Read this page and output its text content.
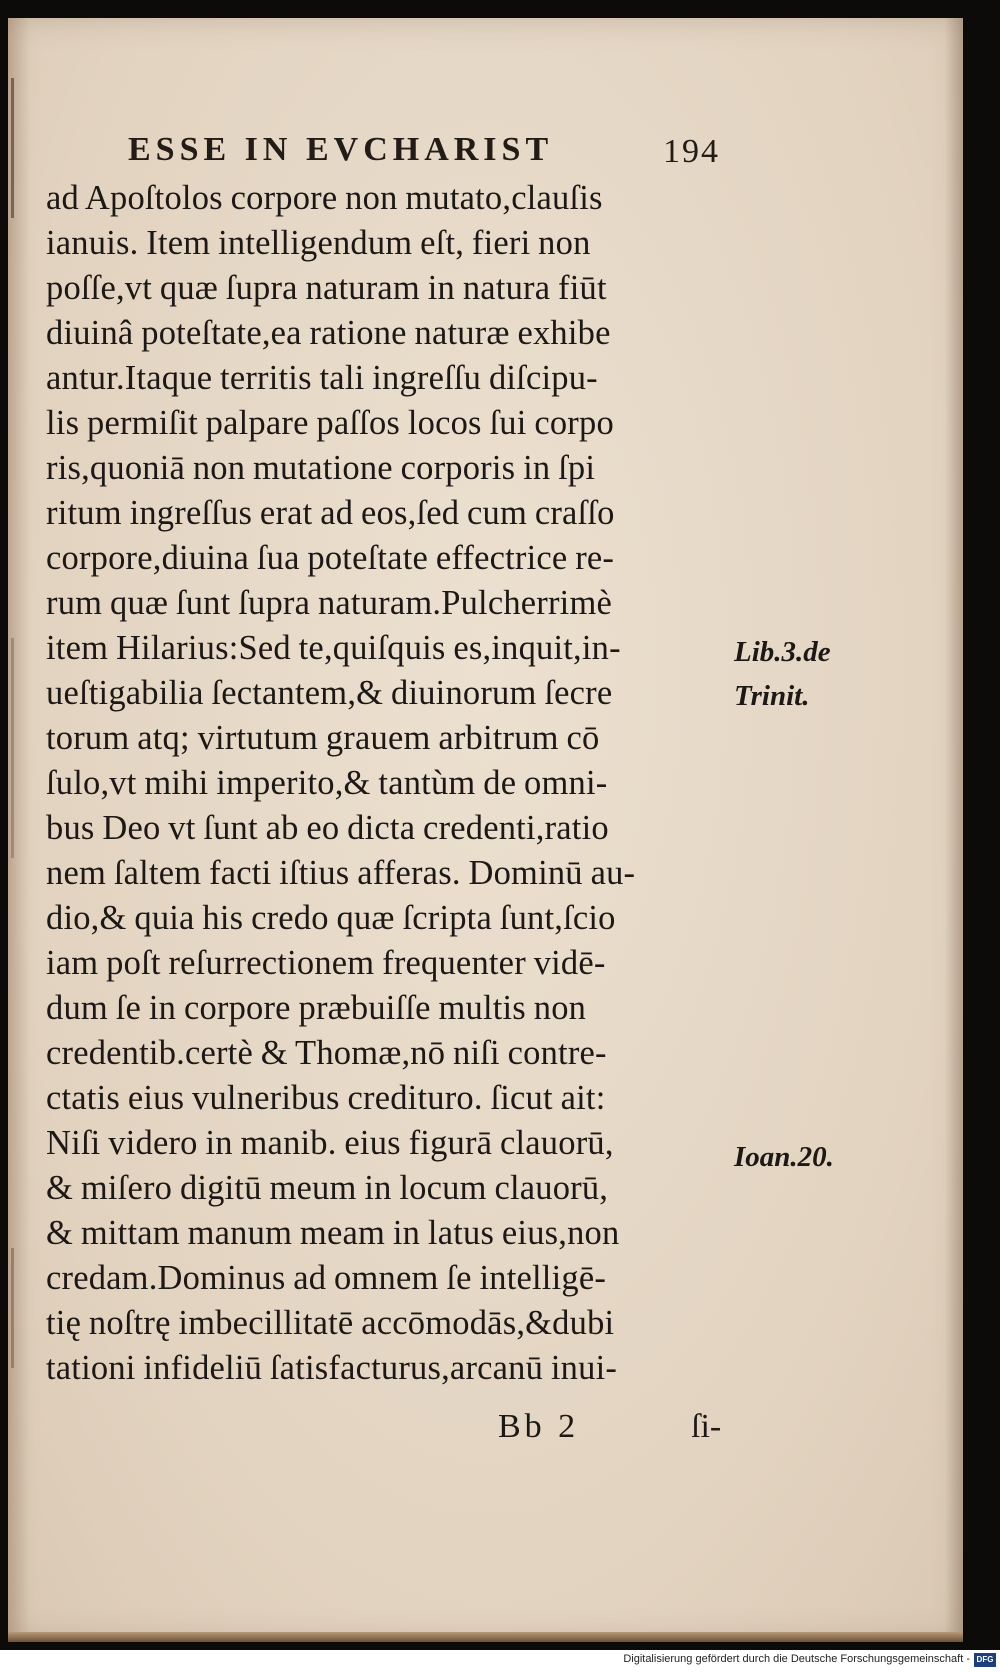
ESSE IN EVCHARIST	194
ad Apoſtolos corpore non mutato,clauſis
ianuis. Item intelligendum eſt, fieri non
poſſe,vt quæ ſupra naturam in natura fiūt
diuinâ poteſtate,ea ratione naturæ exhibe
antur.Itaque territis tali ingreſſu diſcipu-
lis permiſit palpare paſſos locos ſui corpo
ris,quoniā non mutatione corporis in ſpi
ritum ingreſſus erat ad eos,ſed cum craſſo
corpore,diuina ſua poteſtate effectrice re-
rum quæ ſunt ſupra naturam.Pulcherrimè
item Hilarius:Sed te,quiſquis es,inquit,in-
ueſtigabilia ſectantem,& diuinorum ſecre
torum atq; virtutum grauem arbitrum cō
ſulo,vt mihi imperito,& tantùm de omni-
bus Deo vt ſunt ab eo dicta credenti,ratio
nem ſaltem facti iſtius afferas. Dominū au-
dio,& quia his credo quæ ſcripta ſunt,ſcio
iam poſt reſurrectionem frequenter vidē-
dum ſe in corpore præbuiſſe multis non
credentib.certè & Thomæ,nō niſi contre-
ctatis eius vulneribus credituro. ſicut ait:
Niſi videro in manib. eius figurā clauorū,
& miſero digitū meum in locum clauorū,
& mittam manum meam in latus eius,non
credam.Dominus ad omnem ſe intelligē-
tię noſtrę imbecillitatē accōmodās,&dubi
tationi infideliū ſatisfacturus,arcanū inui-
Lib.3.de
Trinit.
Ioan.20.
Bb 2	ſi-
Digitalisierung gefördert durch die Deutsche Forschungsgemeinschaft - DFG
